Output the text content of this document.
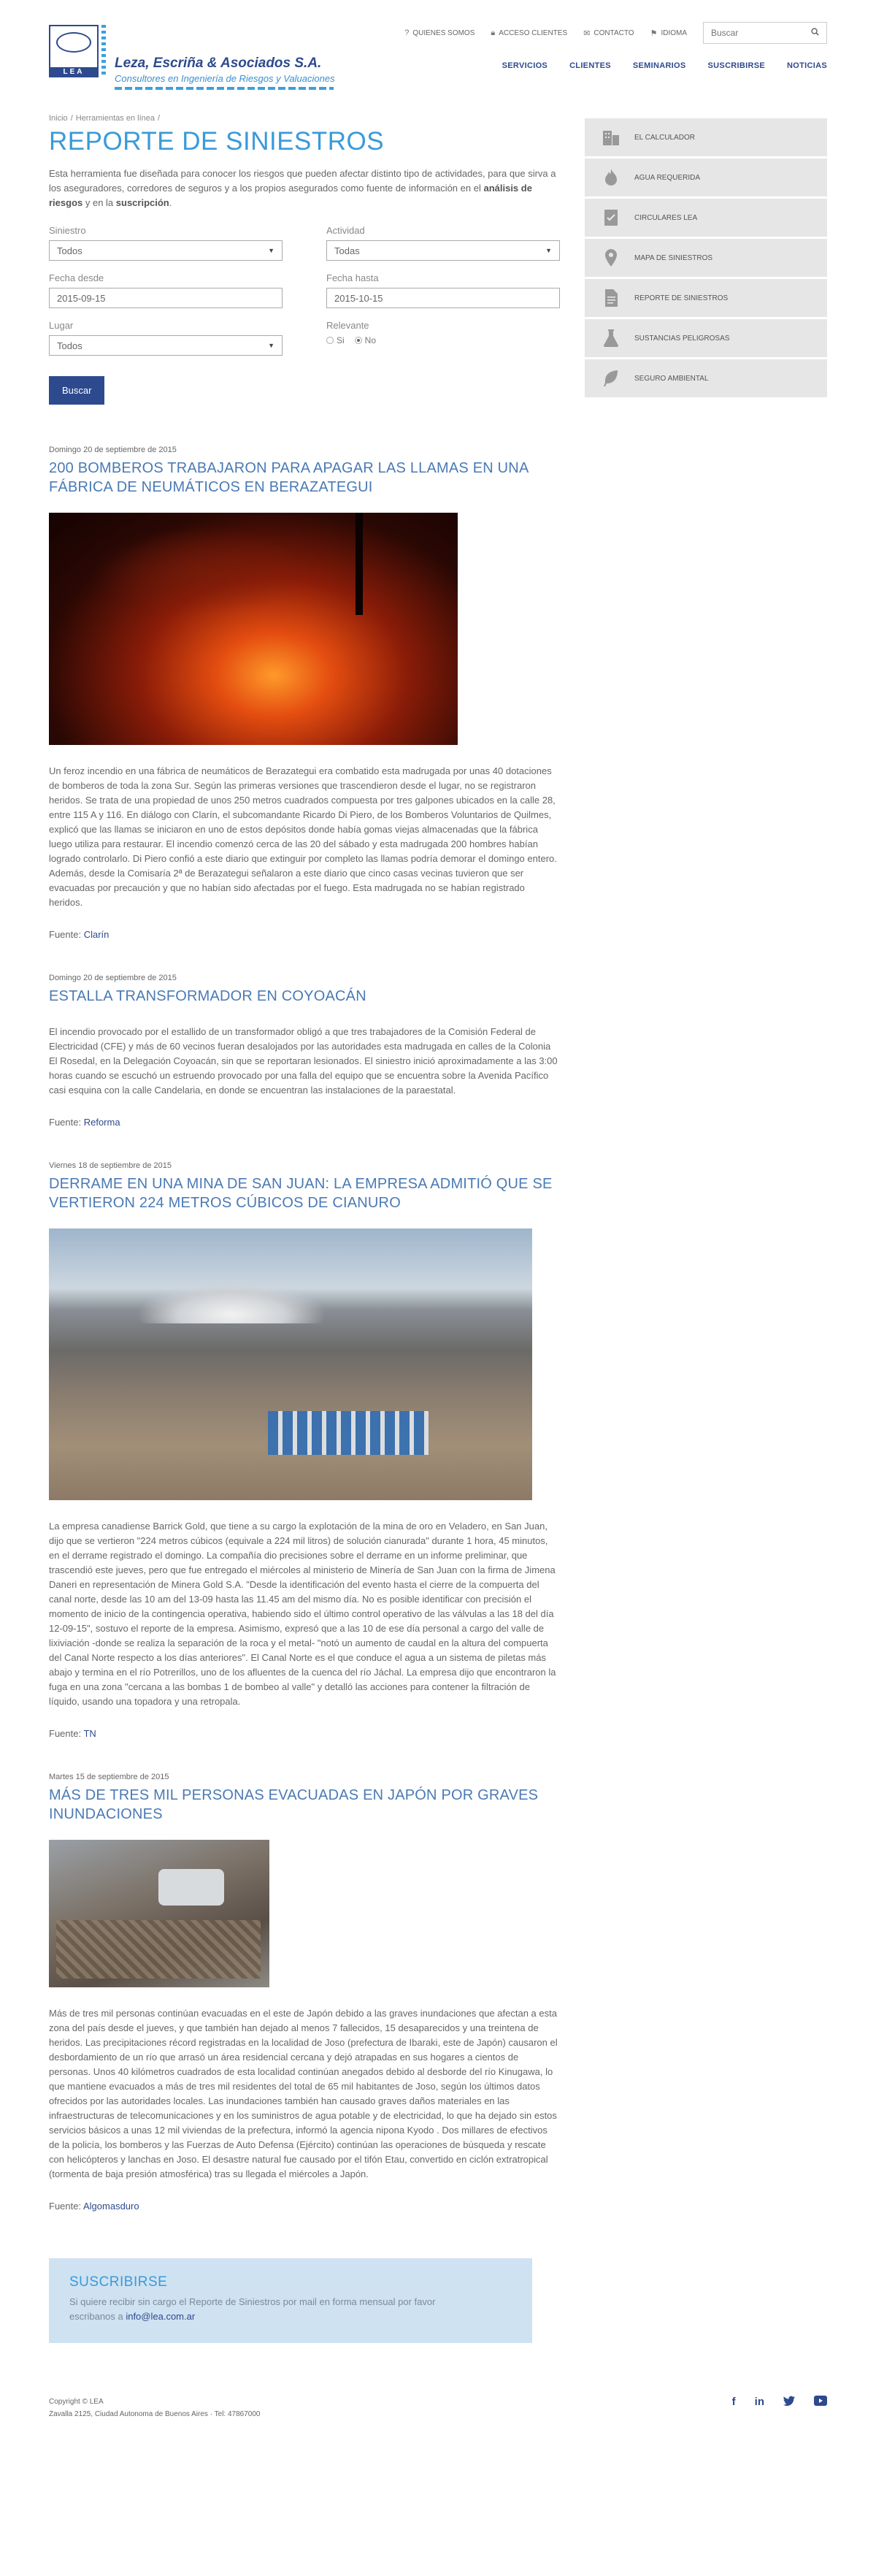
LEA
Leza, Escriña & Asociados S.A.
Consultores en Ingeniería de Riesgos y Valuaciones
? QUIENES SOMOS 🔒︎ ACCESO CLIENTES ✉ CONTACTO ⚑ IDIOMA
Buscar
SERVICIOS	CLIENTES	SEMINARIOS	SUSCRIBIRSE	NOTICIAS
Inicio / Herramientas en línea /
REPORTE DE SINIESTROS

Esta herramienta fue diseñada para conocer los riesgos que pueden afectar distinto tipo de actividades, para que sirva a los aseguradores, corredores de seguros y a los propios asegurados como fuente de información en el análisis de riesgos y en la suscripción.

Siniestro
Todos	▼
Actividad
Todas	▼
Fecha desde
2015-09-15
Fecha hasta
2015-10-15
Lugar
Todos	▼
Relevante
Si No
Buscar
Domingo 20 de septiembre de 2015
200 BOMBEROS TRABAJARON PARA APAGAR LAS LLAMAS EN UNA FÁBRICA DE NEUMÁTICOS EN BERAZATEGUI

Un feroz incendio en una fábrica de neumáticos de Berazategui era combatido esta madrugada por unas 40 dotaciones de bomberos de toda la zona Sur. Según las primeras versiones que trascendieron desde el lugar, no se registraron heridos. Se trata de una propiedad de unos 250 metros cuadrados compuesta por tres galpones ubicados en la calle 28, entre 115 A y 116. En diálogo con Clarín, el subcomandante Ricardo Di Piero, de los Bomberos Voluntarios de Quilmes, explicó que las llamas se iniciaron en uno de estos depósitos donde había gomas viejas almacenadas que la fábrica luego utiliza para restaurar. El incendio comenzó cerca de las 20 del sábado y esta madrugada 200 hombres habían logrado controlarlo. Di Piero confió a este diario que extinguir por completo las llamas podría demorar el domingo entero. Además, desde la Comisaría 2ª de Berazategui señalaron a este diario que cinco casas vecinas tuvieron que ser evacuadas por precaución y que no habían sido afectadas por el fuego. Esta madrugada no se habían registrado heridos.

Fuente: Clarín

Domingo 20 de septiembre de 2015
ESTALLA TRANSFORMADOR EN COYOACÁN

El incendio provocado por el estallido de un transformador obligó a que tres trabajadores de la Comisión Federal de Electricidad (CFE) y más de 60 vecinos fueran desalojados por las autoridades esta madrugada en calles de la Colonia El Rosedal, en la Delegación Coyoacán, sin que se reportaran lesionados. El siniestro inició aproximadamente a las 3:00 horas cuando se escuchó un estruendo provocado por una falla del equipo que se encuentra sobre la Avenida Pacífico casi esquina con la calle Candelaria, en donde se encuentran las instalaciones de la paraestatal.

Fuente: Reforma

Viernes 18 de septiembre de 2015
DERRAME EN UNA MINA DE SAN JUAN: LA EMPRESA ADMITIÓ QUE SE VERTIERON 224 METROS CÚBICOS DE CIANURO

La empresa canadiense Barrick Gold, que tiene a su cargo la explotación de la mina de oro en Veladero, en San Juan, dijo que se vertieron "224 metros cúbicos (equivale a 224 mil litros) de solución cianurada" durante 1 hora, 45 minutos, en el derrame registrado el domingo. La compañía dio precisiones sobre el derrame en un informe preliminar, que trascendió este jueves, pero que fue entregado el miércoles al ministerio de Minería de San Juan con la firma de Jimena Daneri en representación de Minera Gold S.A. "Desde la identificación del evento hasta el cierre de la compuerta del canal norte, desde las 10 am del 13-09 hasta las 11.45 am del mismo día. No es posible identificar con precisión el momento de inicio de la contingencia operativa, habiendo sido el último control operativo de las válvulas a las 18 del día 12-09-15", sostuvo el reporte de la empresa. Asimismo, expresó que a las 10 de ese día personal a cargo del valle de lixiviación -donde se realiza la separación de la roca y el metal- "notó un aumento de caudal en la altura del compuerta del Canal Norte respecto a los días anteriores". El Canal Norte es el que conduce el agua a un sistema de piletas más abajo y termina en el río Potrerillos, uno de los afluentes de la cuenca del río Jáchal. La empresa dijo que encontraron la fuga en una zona "cercana a las bombas 1 de bombeo al valle" y detalló las acciones para contener la filtración de líquido, usando una topadora y una retropala.

Fuente: TN

Martes 15 de septiembre de 2015
MÁS DE TRES MIL PERSONAS EVACUADAS EN JAPÓN POR GRAVES INUNDACIONES

Más de tres mil personas continúan evacuadas en el este de Japón debido a las graves inundaciones que afectan a esta zona del país desde el jueves, y que también han dejado al menos 7 fallecidos, 15 desaparecidos y una treintena de heridos. Las precipitaciones récord registradas en la localidad de Joso (prefectura de Ibaraki, este de Japón) causaron el desbordamiento de un río que arrasó un área residencial cercana y dejó atrapadas en sus hogares a cientos de personas. Unos 40 kilómetros cuadrados de esta localidad continúan anegados debido al desborde del río Kinugawa, lo que mantiene evacuados a más de tres mil residentes del total de 65 mil habitantes de Joso, según los últimos datos ofrecidos por las autoridades locales. Las inundaciones también han causado graves daños materiales en las infraestructuras de telecomunicaciones y en los suministros de agua potable y de electricidad, lo que ha dejado sin estos servicios básicos a unas 12 mil viviendas de la prefectura, informó la agencia nipona Kyodo . Dos millares de efectivos de la policía, los bomberos y las Fuerzas de Auto Defensa (Ejército) continúan las operaciones de búsqueda y rescate con helicópteros y lanchas en Joso. El desastre natural fue causado por el tifón Etau, convertido en ciclón extratropical (tormenta de baja presión atmosférica) tras su llegada el miércoles a Japón.

Fuente: Algomasduro

SUSCRIBIRSE

Si quiere recibir sin cargo el Reporte de Siniestros por mail en forma mensual por favor escribanos a info@lea.com.ar

EL CALCULADOR
AGUA REQUERIDA
CIRCULARES LEA
MAPA DE SINIESTROS
REPORTE DE SINIESTROS
SUSTANCIAS PELIGROSAS
SEGURO AMBIENTAL
Copyright © LEA
Zavalla 2125, Ciudad Autonoma de Buenos Aires · Tel: 47867000
f in
